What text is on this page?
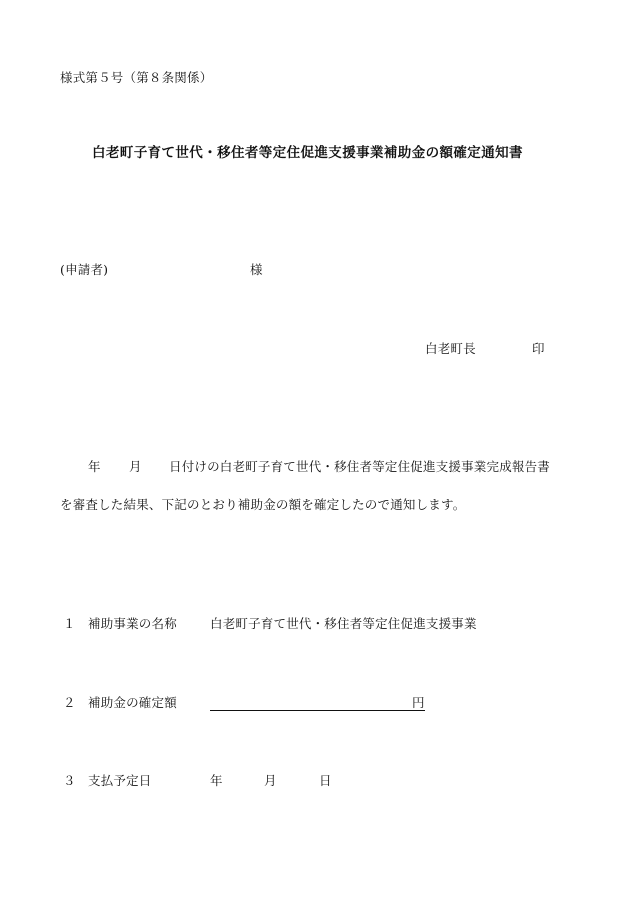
様式第５号（第８条関係）
白老町子育て世代・移住者等定住促進支援事業補助金の額確定通知書
(申請者)	様
白老町長	印
年 月 日付けの白老町子育て世代・移住者等定住促進支援事業完成報告書
を審査した結果、下記のとおり補助金の額を確定したので通知します。
１ 補助事業の名称	白老町子育て世代・移住者等定住促進支援事業
２ 補助金の確定額	円
３ 支払予定日	年	月	日
